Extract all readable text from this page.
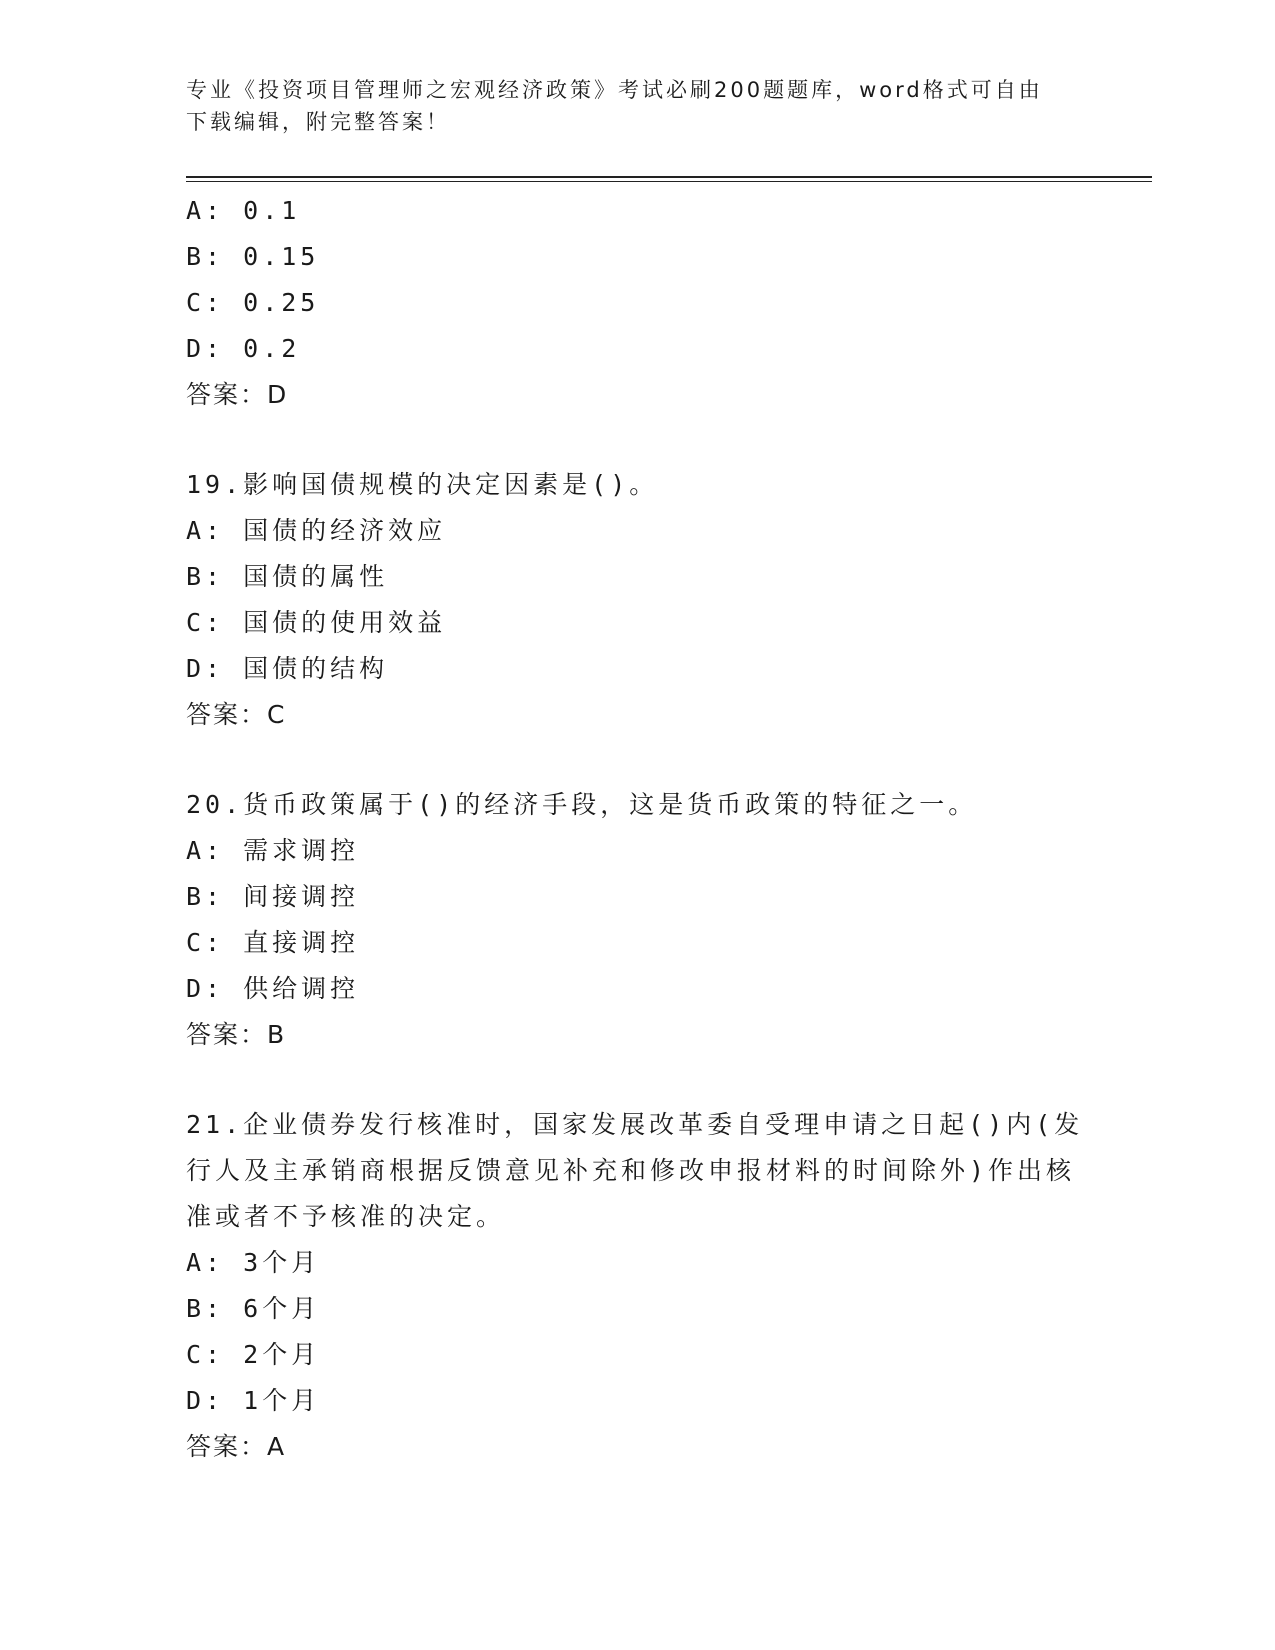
专业《投资项目管理师之宏观经济政策》考试必刷200题题库，word格式可自由
下载编辑，附完整答案！
A: 0.1
B: 0.15
C: 0.25
D: 0.2
答案：D
19.影响国债规模的决定因素是()。
A: 国债的经济效应
B: 国债的属性
C: 国债的使用效益
D: 国债的结构
答案：C
20.货币政策属于()的经济手段，这是货币政策的特征之一。
A: 需求调控
B: 间接调控
C: 直接调控
D: 供给调控
答案：B
21.企业债券发行核准时，国家发展改革委自受理申请之日起()内(发
行人及主承销商根据反馈意见补充和修改申报材料的时间除外)作出核
准或者不予核准的决定。
A: 3个月
B: 6个月
C: 2个月
D: 1个月
答案：A
